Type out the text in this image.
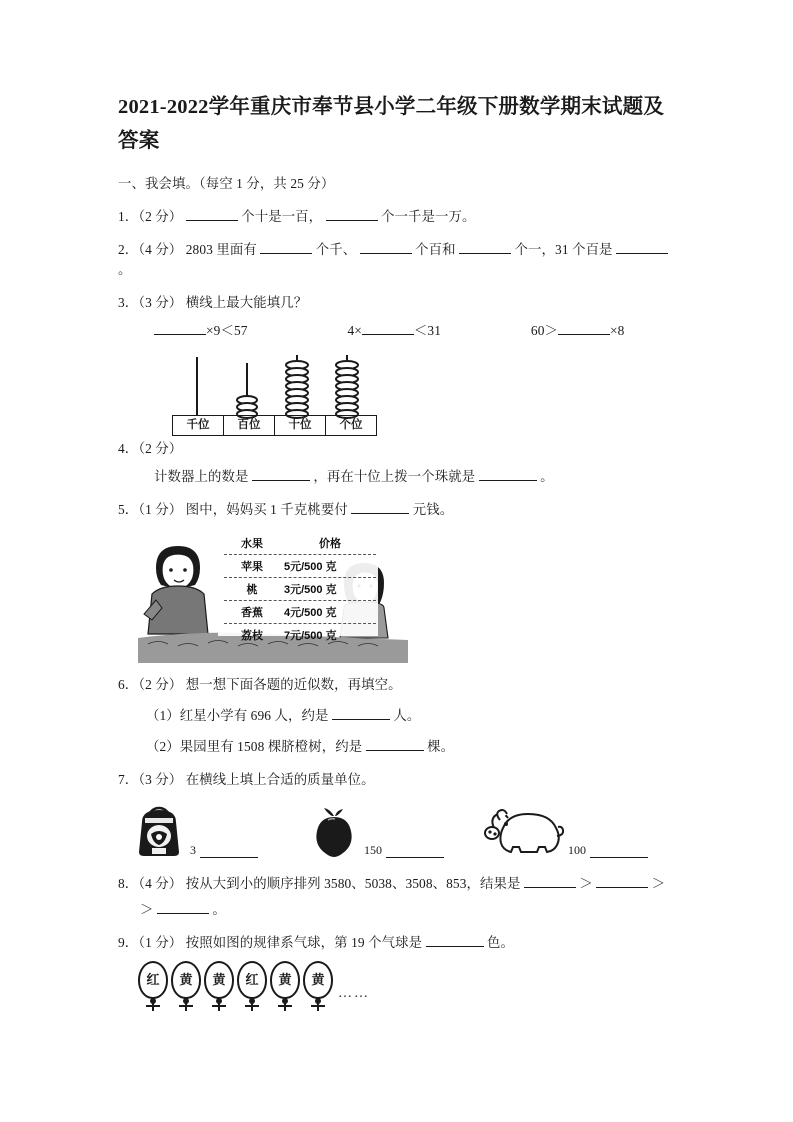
2021-2022学年重庆市奉节县小学二年级下册数学期末试题及答案
一、我会填。（每空 1 分，共 25 分）
1．（2 分）	个十是一百，	个一千是一万。
2．（4 分） 2803 里面有	个千、	个百和	个一，31 个百是  。
3．（3 分） 横线上最大能填几？
×9＜57	4×	＜31	60＞	×8
千位	百位	十位	个位
4．（2 分）
计数器上的数是	，再在十位上拨一个珠就是	。
5．（1 分） 图中，妈妈买 1 千克桃要付	元钱。
水果	价格
苹果	5元/500 克
桃	3元/500 克
香蕉	4元/500 克
荔枝	7元/500 克
6．（2 分） 想一想下面各题的近似数，再填空。
（1）红星小学有 696 人，约是	人。
（2）果园里有 1508 棵脐橙树，约是	棵。
7．（3 分） 在横线上填上合适的质量单位。
3	150	100
8．（4 分） 按从大到小的顺序排列 3580、5038、3508、853，结果是	＞	＞
＞	。
9．（1 分） 按照如图的规律系气球，第 19 个气球是	色。
红	黄	黄	红	黄	黄
……
